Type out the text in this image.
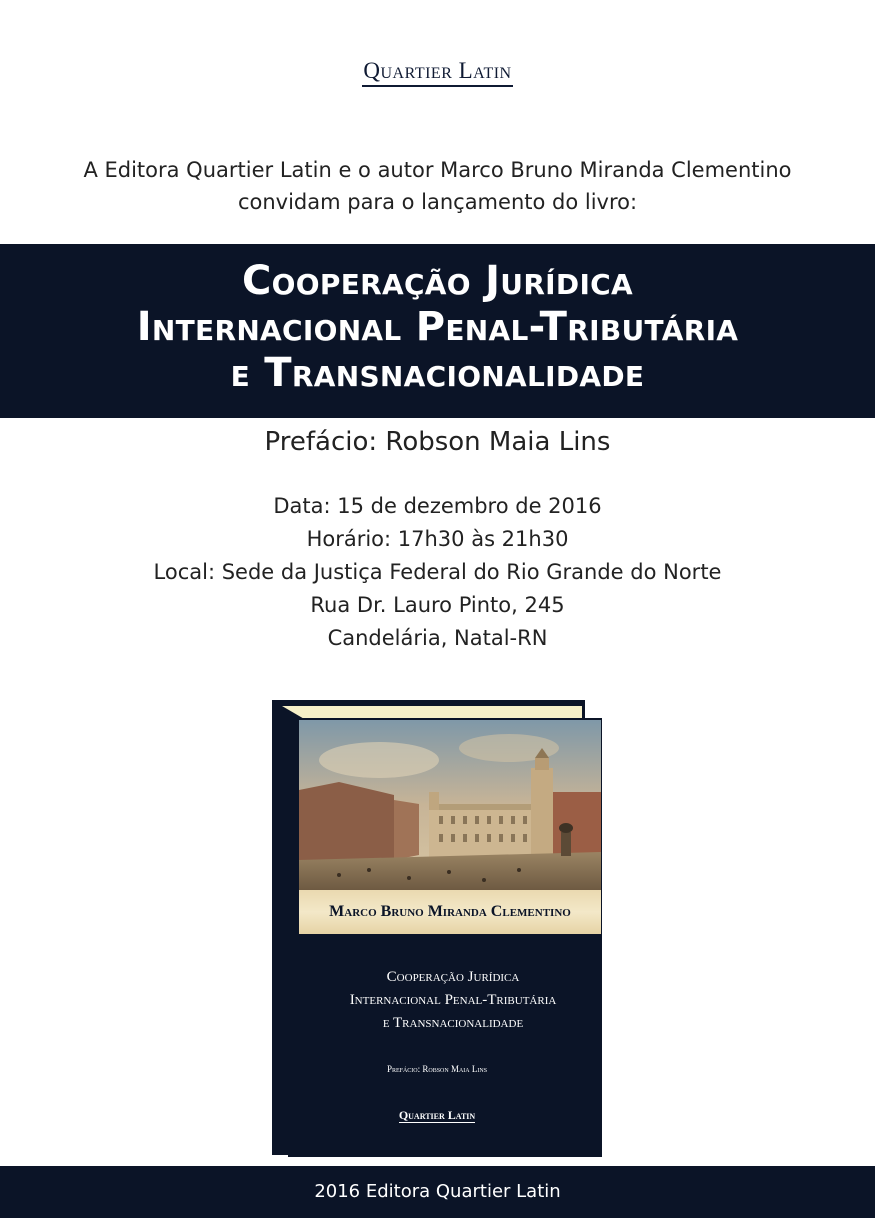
Quartier Latin
A Editora Quartier Latin e o autor Marco Bruno Miranda Clementino
convidam para o lançamento do livro:
Cooperação Jurídica
Internacional Penal-Tributária
e Transnacionalidade
Prefácio: Robson Maia Lins
Data: 15 de dezembro de 2016
Horário: 17h30 às 21h30
Local: Sede da Justiça Federal do Rio Grande do Norte
Rua Dr. Lauro Pinto, 245
Candelária, Natal-RN
Marco Bruno Miranda Clementino
Cooperação Jurídica
Internacional Penal-Tributária
e Transnacionalidade
Prefácio: Robson Maia Lins
Quartier Latin
2016 Editora Quartier Latin
